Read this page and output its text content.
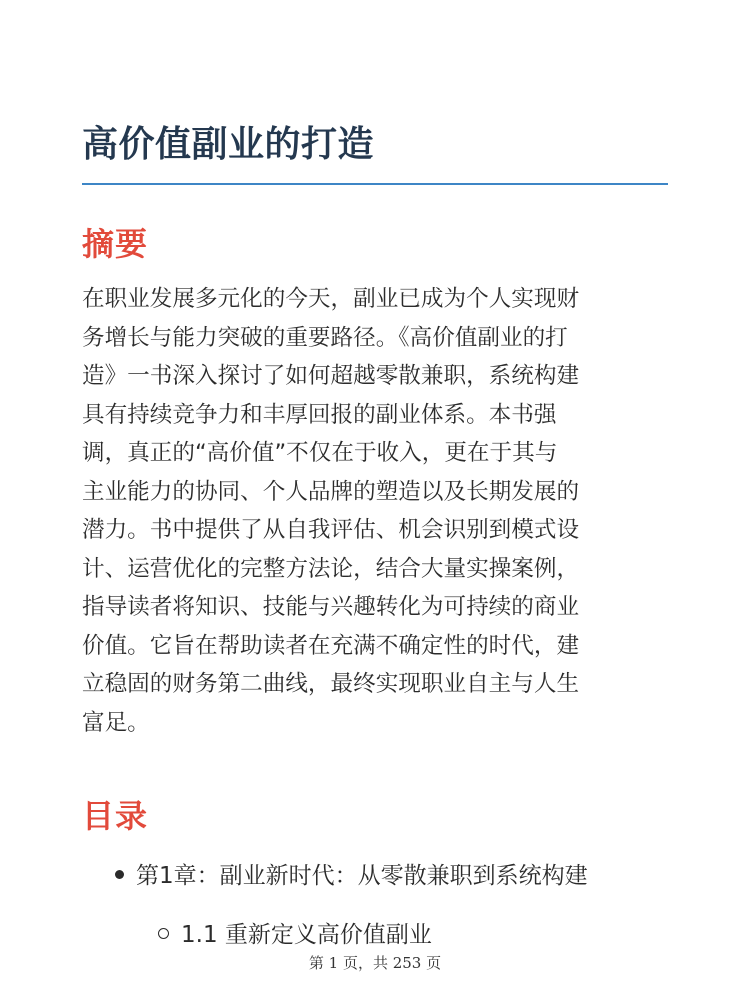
高价值副业的打造
摘要

在职业发展多元化的今天，副业已成为个人实现财
务增长与能力突破的重要路径。《高价值副业的打
造》一书深入探讨了如何超越零散兼职，系统构建
具有持续竞争力和丰厚回报的副业体系。本书强
调，真正的“高价值”不仅在于收入，更在于其与
主业能力的协同、个人品牌的塑造以及长期发展的
潜力。书中提供了从自我评估、机会识别到模式设
计、运营优化的完整方法论，结合大量实操案例，
指导读者将知识、技能与兴趣转化为可持续的商业
价值。它旨在帮助读者在充满不确定性的时代，建
立稳固的财务第二曲线，最终实现职业自主与人生
富足。

目录
第1章：副业新时代：从零散兼职到系统构建
1.1 重新定义高价值副业
第 1 页，共 253 页
